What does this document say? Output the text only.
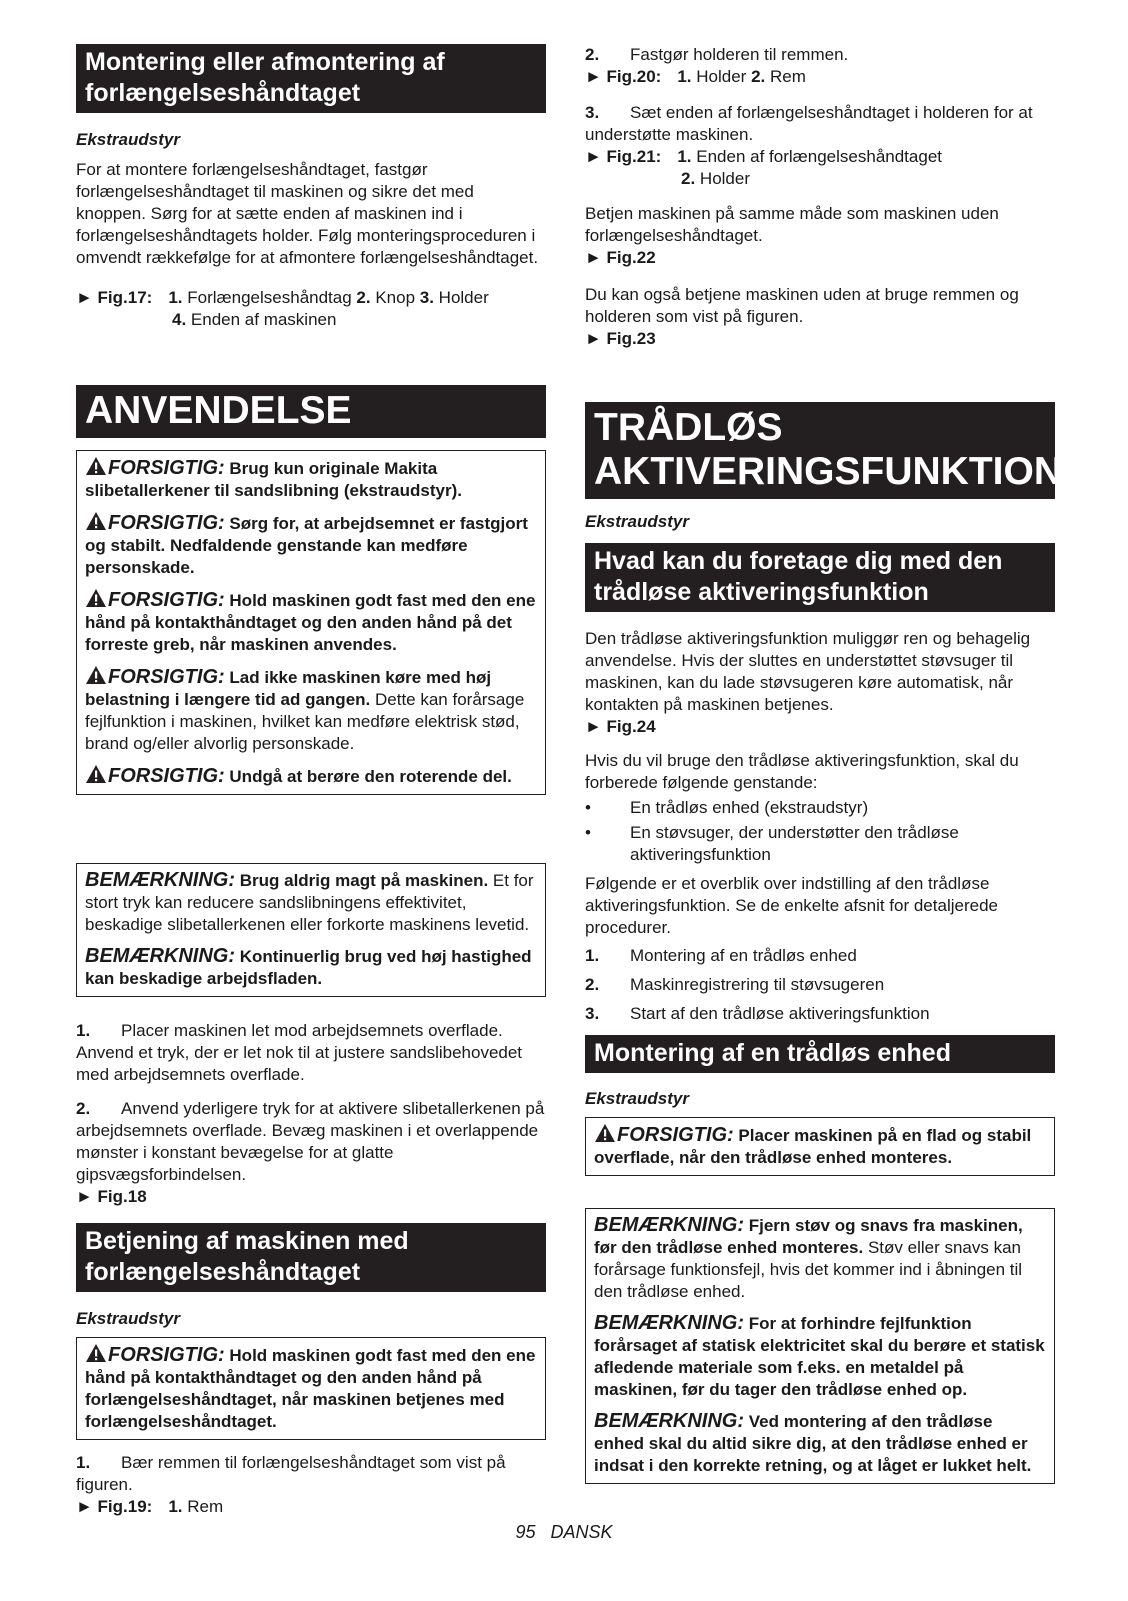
Montering eller afmontering af forlængelseshåndtaget
Ekstraudstyr
For at montere forlængelseshåndtaget, fastgør forlængelseshåndtaget til maskinen og sikre det med knoppen. Sørg for at sætte enden af maskinen ind i forlængelseshåndtagets holder. Følg monteringsproceduren i omvendt rækkefølge for at afmontere forlængelseshåndtaget.
► Fig.17: 1. Forlængelseshåndtag 2. Knop 3. Holder
4. Enden af maskinen
ANVENDELSE
FORSIGTIG: Brug kun originale Makita slibetallerkener til sandslibning (ekstraudstyr).
FORSIGTIG: Sørg for, at arbejdsemnet er fastgjort og stabilt. Nedfaldende genstande kan medføre personskade.
FORSIGTIG: Hold maskinen godt fast med den ene hånd på kontakthåndtaget og den anden hånd på det forreste greb, når maskinen anvendes.
FORSIGTIG: Lad ikke maskinen køre med høj belastning i længere tid ad gangen. Dette kan forårsage fejlfunktion i maskinen, hvilket kan medføre elektrisk stød, brand og/eller alvorlig personskade.
FORSIGTIG: Undgå at berøre den roterende del.
BEMÆRKNING: Brug aldrig magt på maskinen. Et for stort tryk kan reducere sandslibningens effektivitet, beskadige slibetallerkenen eller forkorte maskinens levetid.
BEMÆRKNING: Kontinuerlig brug ved høj hastighed kan beskadige arbejdsfladen.
1. Placer maskinen let mod arbejdsemnets overflade. Anvend et tryk, der er let nok til at justere sandslibehovedet med arbejdsemnets overflade.
2. Anvend yderligere tryk for at aktivere slibetallerkenen på arbejdsemnets overflade. Bevæg maskinen i et overlappende mønster i konstant bevægelse for at glatte gipsvægsforbindelsen.
► Fig.18
Betjening af maskinen med forlængelseshåndtaget
Ekstraudstyr
FORSIGTIG: Hold maskinen godt fast med den ene hånd på kontakthåndtaget og den anden hånd på forlængelseshåndtaget, når maskinen betjenes med forlængelseshåndtaget.
1. Bær remmen til forlængelseshåndtaget som vist på figuren.
► Fig.19: 1. Rem
2. Fastgør holderen til remmen.
► Fig.20: 1. Holder 2. Rem
3. Sæt enden af forlængelseshåndtaget i holderen for at understøtte maskinen.
► Fig.21: 1. Enden af forlængelseshåndtaget
2. Holder
Betjen maskinen på samme måde som maskinen uden forlængelseshåndtaget.
► Fig.22
Du kan også betjene maskinen uden at bruge remmen og holderen som vist på figuren.
► Fig.23
TRÅDLØS
AKTIVERINGSFUNKTION
Ekstraudstyr
Hvad kan du foretage dig med den trådløse aktiveringsfunktion
Den trådløse aktiveringsfunktion muliggør ren og behagelig anvendelse. Hvis der sluttes en understøttet støvsuger til maskinen, kan du lade støvsugeren køre automatisk, når kontakten på maskinen betjenes.
► Fig.24
Hvis du vil bruge den trådløse aktiveringsfunktion, skal du forberede følgende genstande:
• En trådløs enhed (ekstraudstyr)
• En støvsuger, der understøtter den trådløse aktiveringsfunktion
Følgende er et overblik over indstilling af den trådløse aktiveringsfunktion. Se de enkelte afsnit for detaljerede procedurer.
1. Montering af en trådløs enhed
2. Maskinregistrering til støvsugeren
3. Start af den trådløse aktiveringsfunktion
Montering af en trådløs enhed
Ekstraudstyr
FORSIGTIG: Placer maskinen på en flad og stabil overflade, når den trådløse enhed monteres.
BEMÆRKNING: Fjern støv og snavs fra maskinen, før den trådløse enhed monteres. Støv eller snavs kan forårsage funktionsfejl, hvis det kommer ind i åbningen til den trådløse enhed.
BEMÆRKNING: For at forhindre fejlfunktion forårsaget af statisk elektricitet skal du berøre et statisk afledende materiale som f.eks. en metaldel på maskinen, før du tager den trådløse enhed op.
BEMÆRKNING: Ved montering af den trådløse enhed skal du altid sikre dig, at den trådløse enhed er indsat i den korrekte retning, og at låget er lukket helt.
95 DANSK
